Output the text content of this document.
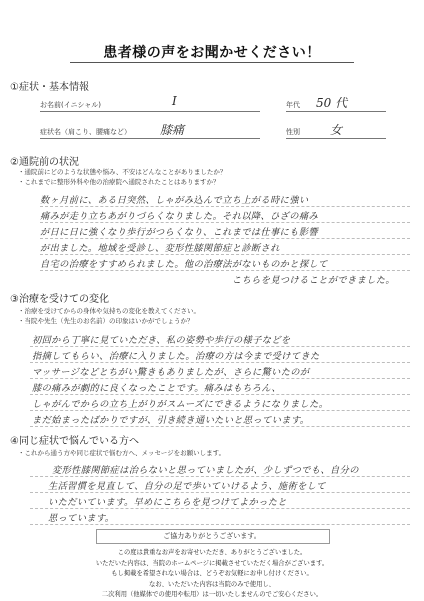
患者様の声をお聞かせください！
①症状・基本情報
お名前(イニシャル)	I	年代 50 代
症状名（肩こり、腰痛など） 膝痛	性別	女
②通院前の状況
・通院前にどのような状態や悩み、不安はどんなことがありましたか？
・これまでに整形外科や他の治療院へ通院されたことはありますか？
数ヶ月前に、ある日突然、しゃがみ込んで立ち上がる時に強い
痛みが走り立ちあがりづらくなりました。それ以降、ひざの痛み
が日に日に強くなり歩行がつらくなり、これまでは仕事にも影響
が出ました。地域を受診し、変形性膝関節症と診断され
自宅の治療をすすめられました。他の治療法がないものかと探して
こちらを見つけることができました。
③治療を受けての変化
・治療を受けてからの身体や気持ちの変化を教えてください。
・当院や先生（先生のお名前）の印象はいかがでしょうか？
初回から丁寧に見ていただき、私の姿勢や歩行の様子などを
指摘してもらい、治療に入りました。治療の方は今まで受けてきた
マッサージなどとちがい驚きもありましたが、さらに驚いたのが
膝の痛みが劇的に良くなったことです。痛みはもちろん、
しゃがんでからの立ち上がりがスムーズにできるようになりました。
まだ始まったばかりですが、引き続き通いたいと思っています。
④同じ症状で悩んでいる方へ
・これから通う方や同じ症状で悩む方へ、メッセージをお願いします。
変形性膝関節症は治らないと思っていましたが、少しずつでも、自分の
生活習慣を見直して、自分の足で歩いていけるよう、施術をして
いただいています。早めにこちらを見つけてよかったと
思っています。
ご協力ありがとうございます。
この度は貴重なお声をお寄せいただき、ありがとうございました。
いただいた内容は、当院のホームページに掲載させていただく場合がございます。
もし掲載を希望されない場合は、どうぞお気軽にお申し付けください。
なお、いただいた内容は当院のみで使用し、
二次利用（他媒体での使用や転用）は一切いたしませんのでご安心ください。
